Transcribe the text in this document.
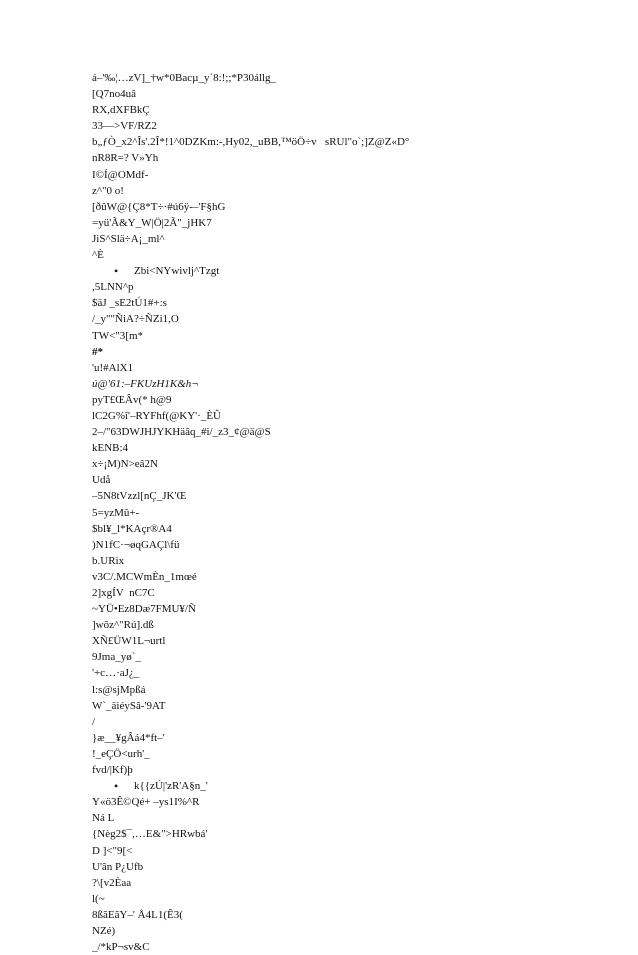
á–'‰¦…zV]_†w*0Bacµ_y´8:!;;*P30állg_
[Q7no4uâ
RX,dXFBkÇ
33—>VF/RZ2
b„ƒÒ_x2^Îs'.2Î*!1^0DZKm:-,Hy02,_uBB,™öÖ÷v   sRUl"o`;]Z@Z«D°
nR8R=? V»Yh
I©Í@OMdf-
z^"0 o!
[ðûW@{Ç8*T÷·#ú6ÿ-–'F§hG
=yü'Ã&Y_W|Ö|2Ã"_jHK7
JiS^Slä÷A¡_ml^
^È
• Zbi<NYwivlj^Tzgt
,5LNN^p
$äJ _sE2tÚ1#+:s
/_y""ÑiA?÷ÑZi1,O
TW<"3[m*
#*
'u!#AlX1
ú@'61:–FKUzH1K&h¬
pyT£ŒÂv(* h@9
lC2G%î'–RYFhf(@KY'·_ÈÛ
2–/"63DWJHJYKHäâq_#i/_z3_¢@ä@S
kENB:4
x÷¡M)N>eâ2N
Udå
–5N8tVzzl[nÇ_JK'Œ
5=yzMû+-
$bl¥_l*KAçr®A4
)N1fC·¬øqGAÇl\fü
b.URix
v3C/.MCWmÈn_1mœé
2]xgÍV  nC7C
~YÜ•Ez8Dæ7FMU¥/Ñ
]wõz^"Rú].dß
XÑ£ÜW1L¬urtl
9Jma_yø`_
'+c…·aJ¿_
l:s@sjMpßá
W`_äiéySâ-'9AT
/
}æ__¥gÂá4*ft–'
!_eÇÖ<urh'_
fvd/|Kf)þ
• k{{zÚ|'zR'A§n_'
Y«ö3Ê©Qé+ –ys1I%^R
Ná L
{Nèg2$¯,…E&">HRwbá'
D ]<"9[<
U'ân P¿Ufb
?\[v2Èaa
l(~
8ßãEãY–' Å4L1(Ê3(
NZé)
_/*kP¬sv&C
